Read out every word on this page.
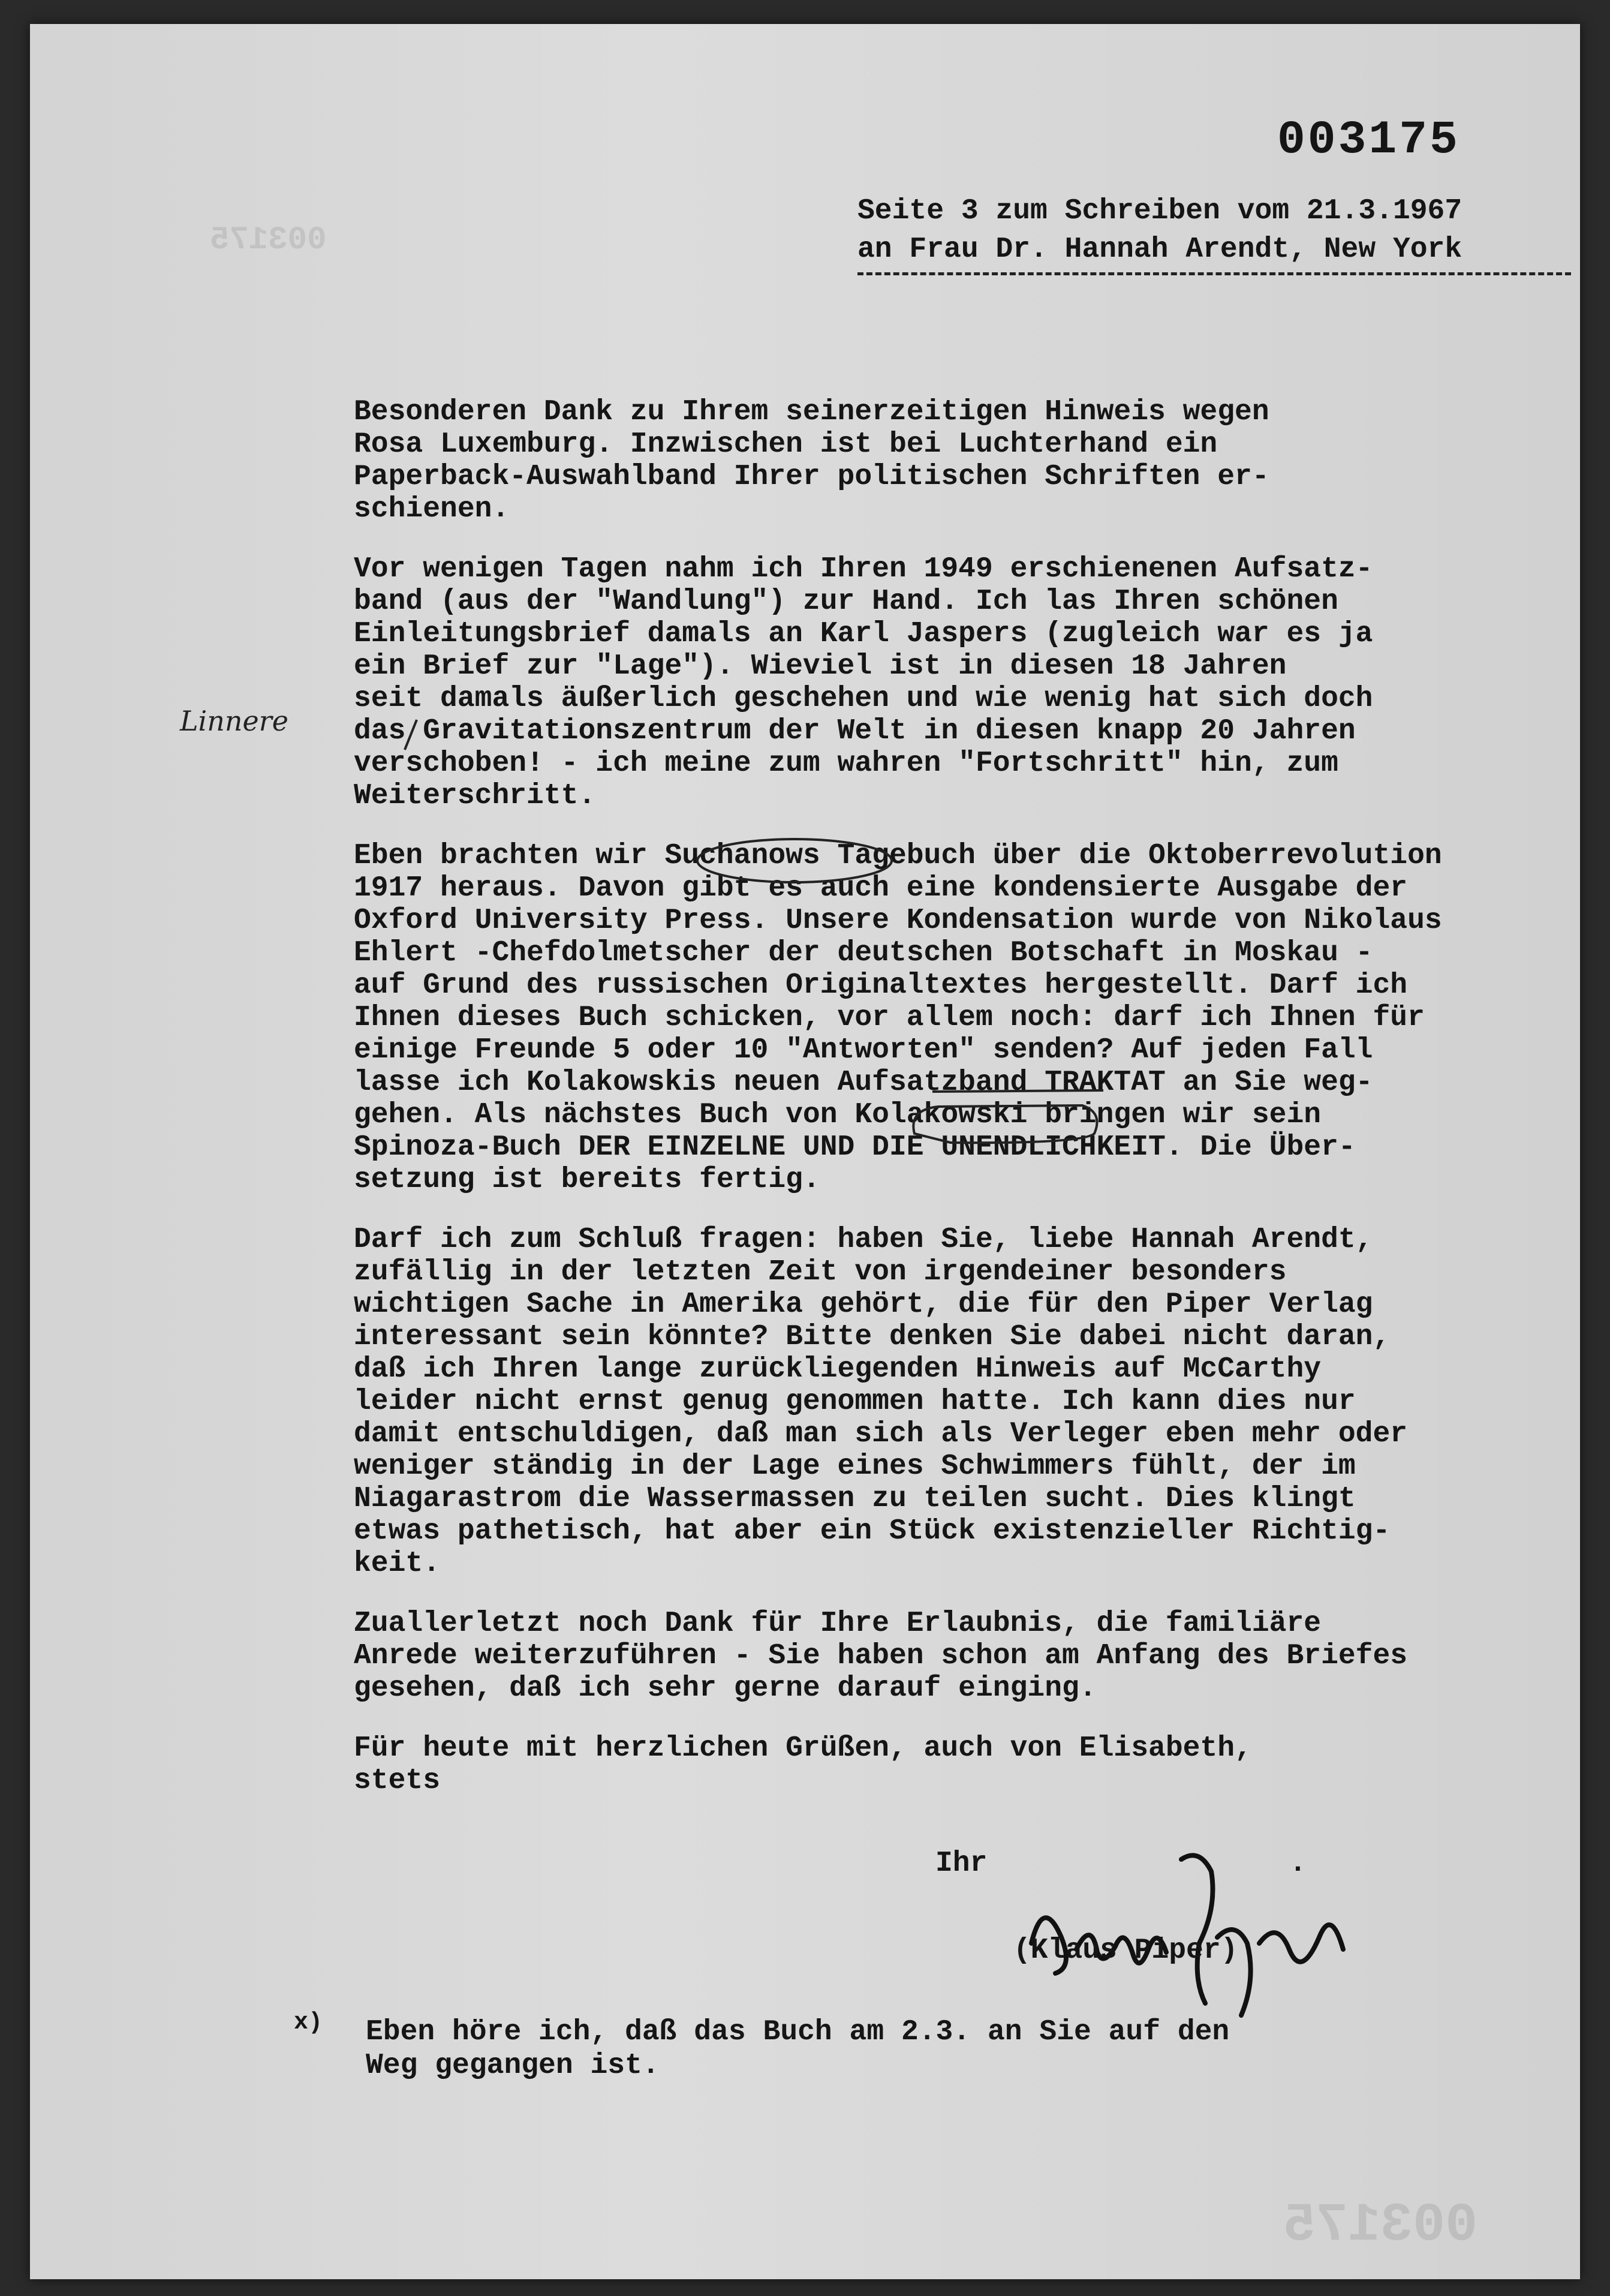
003175
003175
Seite 3 zum Schreiben vom 21.3.1967
an Frau Dr. Hannah Arendt, New York
Linnere

Besonderen Dank zu Ihrem seinerzeitigen Hinweis wegen
Rosa Luxemburg. Inzwischen ist bei Luchterhand ein
Paperback-Auswahlband Ihrer politischen Schriften er-
schienen.

Vor wenigen Tagen nahm ich Ihren 1949 erschienenen Aufsatz-
band (aus der "Wandlung") zur Hand. Ich las Ihren schönen
Einleitungsbrief damals an Karl Jaspers (zugleich war es ja
ein Brief zur "Lage"). Wieviel ist in diesen 18 Jahren
seit damals äußerlich geschehen und wie wenig hat sich doch
das Gravitationszentrum der Welt in diesen knapp 20 Jahren
verschoben! - ich meine zum wahren "Fortschritt" hin, zum
Weiterschritt.

Eben brachten wir Suchanows Tagebuch über die Oktoberrevolution
1917 heraus. Davon gibt es auch eine kondensierte Ausgabe der
Oxford University Press. Unsere Kondensation wurde von Nikolaus
Ehlert -Chefdolmetscher der deutschen Botschaft in Moskau -
auf Grund des russischen Originaltextes hergestellt. Darf ich
Ihnen dieses Buch schicken, vor allem noch: darf ich Ihnen für
einige Freunde 5 oder 10 "Antworten" senden? Auf jeden Fall
lasse ich Kolakowskis neuen Aufsatzband TRAKTAT an Sie weg-
gehen. Als nächstes Buch von Kolakowski bringen wir sein
Spinoza-Buch DER EINZELNE UND DIE UNENDLICHKEIT. Die Über-
setzung ist bereits fertig.

Darf ich zum Schluß fragen: haben Sie, liebe Hannah Arendt,
zufällig in der letzten Zeit von irgendeiner besonders
wichtigen Sache in Amerika gehört, die für den Piper Verlag
interessant sein könnte? Bitte denken Sie dabei nicht daran,
daß ich Ihren lange zurückliegenden Hinweis auf McCarthy
leider nicht ernst genug genommen hatte. Ich kann dies nur
damit entschuldigen, daß man sich als Verleger eben mehr oder
weniger ständig in der Lage eines Schwimmers fühlt, der im
Niagarastrom die Wassermassen zu teilen sucht. Dies klingt
etwas pathetisch, hat aber ein Stück existenzieller Richtig-
keit.

Zuallerletzt noch Dank für Ihre Erlaubnis, die familiäre
Anrede weiterzuführen - Sie haben schon am Anfang des Briefes
gesehen, daß ich sehr gerne darauf einging.

Für heute mit herzlichen Grüßen, auch von Elisabeth,
stets

Ihr	.
(Klaus Piper)
x) Eben höre ich, daß das Buch am 2.3. an Sie auf den
Weg gegangen ist.
003175
